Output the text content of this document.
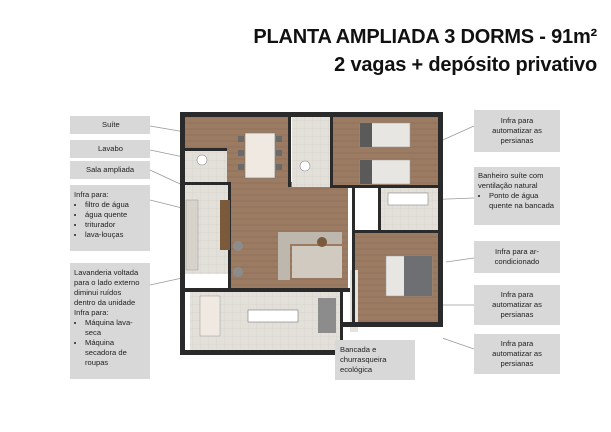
PLANTA AMPLIADA 3 DORMS - 91m²
2 vagas + depósito privativo
Suíte
Lavabo
Sala ampliada
Infra para:
• filtro de água
• água quente
• triturador
• lava-louças
Lavanderia voltada
para o lado externo
diminui ruídos
dentro da unidade
Infra para:
• Máquina lava-seca
• Máquina secadora de roupas
Infra para automatizar as persianas
Banheiro suíte com
ventilação natural
• Ponto de água quente na bancada
Infra para ar-condicionado
Infra para automatizar as persianas
Infra para automatizar as persianas
Bancada e churrasqueira ecológica
